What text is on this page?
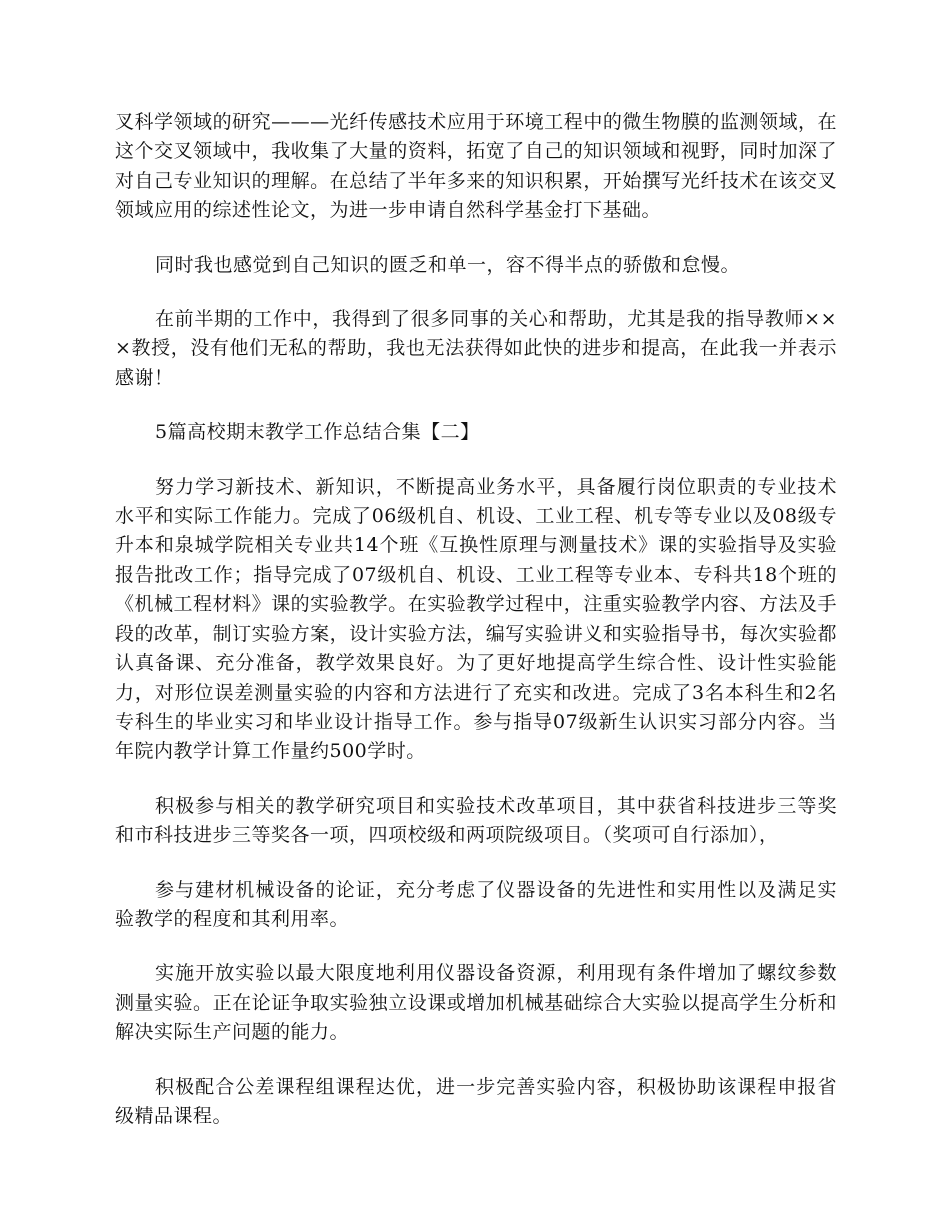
叉科学领域的研究———光纤传感技术应用于环境工程中的微生物膜的监测领域，在这个交叉领域中，我收集了大量的资料，拓宽了自己的知识领域和视野，同时加深了对自己专业知识的理解。在总结了半年多来的知识积累，开始撰写光纤技术在该交叉领域应用的综述性论文，为进一步申请自然科学基金打下基础。

同时我也感觉到自己知识的匮乏和单一，容不得半点的骄傲和怠慢。

在前半期的工作中，我得到了很多同事的关心和帮助，尤其是我的指导教师×××教授，没有他们无私的帮助，我也无法获得如此快的进步和提高，在此我一并表示感谢！

5篇高校期末教学工作总结合集【二】

努力学习新技术、新知识，不断提高业务水平，具备履行岗位职责的专业技术水平和实际工作能力。完成了06级机自、机设、工业工程、机专等专业以及08级专升本和泉城学院相关专业共14个班《互换性原理与测量技术》课的实验指导及实验报告批改工作；指导完成了07级机自、机设、工业工程等专业本、专科共18个班的《机械工程材料》课的实验教学。在实验教学过程中，注重实验教学内容、方法及手段的改革，制订实验方案，设计实验方法，编写实验讲义和实验指导书，每次实验都认真备课、充分准备，教学效果良好。为了更好地提高学生综合性、设计性实验能力，对形位误差测量实验的内容和方法进行了充实和改进。完成了3名本科生和2名专科生的毕业实习和毕业设计指导工作。参与指导07级新生认识实习部分内容。当年院内教学计算工作量约500学时。

积极参与相关的教学研究项目和实验技术改革项目，其中获省科技进步三等奖和市科技进步三等奖各一项，四项校级和两项院级项目。（奖项可自行添加），

参与建材机械设备的论证，充分考虑了仪器设备的先进性和实用性以及满足实验教学的程度和其利用率。

实施开放实验以最大限度地利用仪器设备资源，利用现有条件增加了螺纹参数测量实验。正在论证争取实验独立设课或增加机械基础综合大实验以提高学生分析和解决实际生产问题的能力。

积极配合公差课程组课程达优，进一步完善实验内容，积极协助该课程申报省级精品课程。
